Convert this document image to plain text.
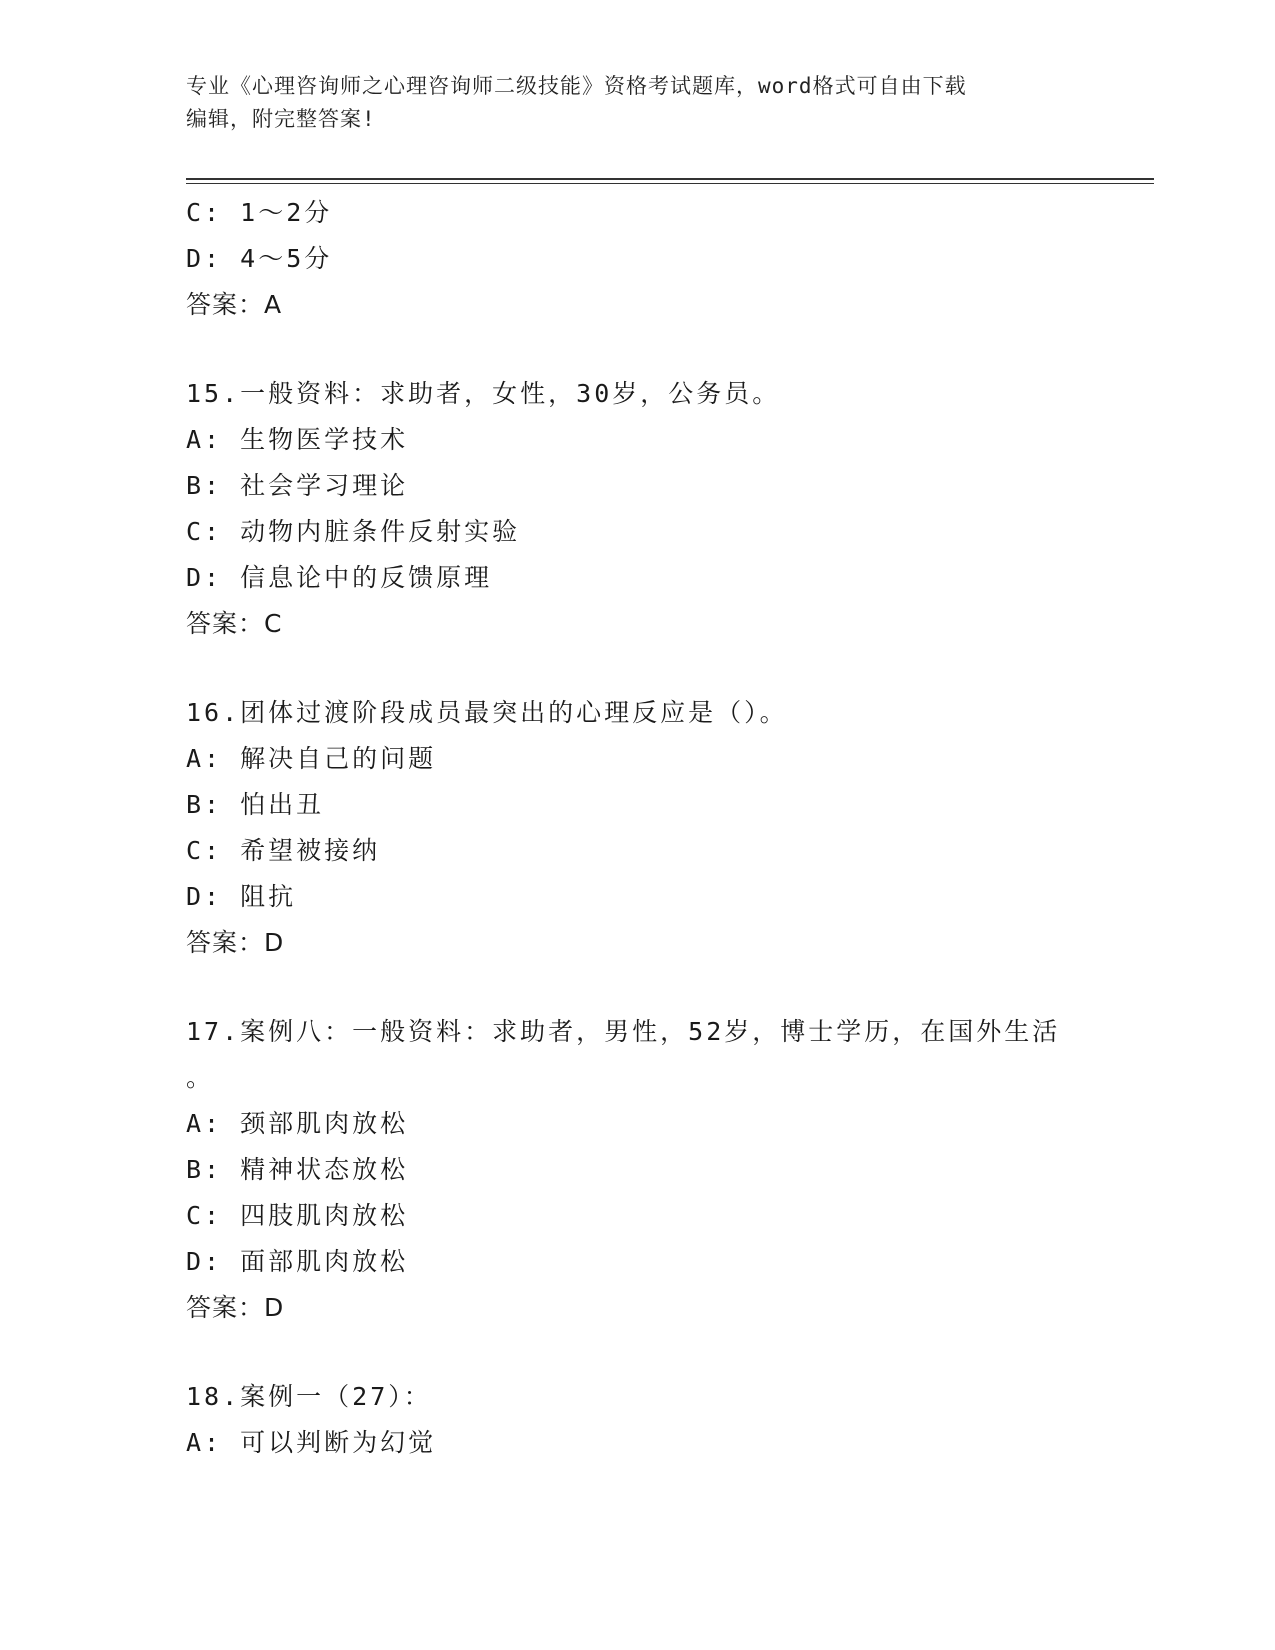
专业《心理咨询师之心理咨询师二级技能》资格考试题库，word格式可自由下载
编辑，附完整答案!
C: 1～2分
D: 4～5分
答案：A
15.一般资料：求助者，女性，30岁，公务员。
A: 生物医学技术
B: 社会学习理论
C: 动物内脏条件反射实验
D: 信息论中的反馈原理
答案：C
16.团体过渡阶段成员最突出的心理反应是（）。
A: 解决自己的问题
B: 怕出丑
C: 希望被接纳
D: 阻抗
答案：D
17.案例八：一般资料：求助者，男性，52岁，博士学历，在国外生活
。
A: 颈部肌肉放松
B: 精神状态放松
C: 四肢肌肉放松
D: 面部肌肉放松
答案：D
18.案例一（27）：
A: 可以判断为幻觉
